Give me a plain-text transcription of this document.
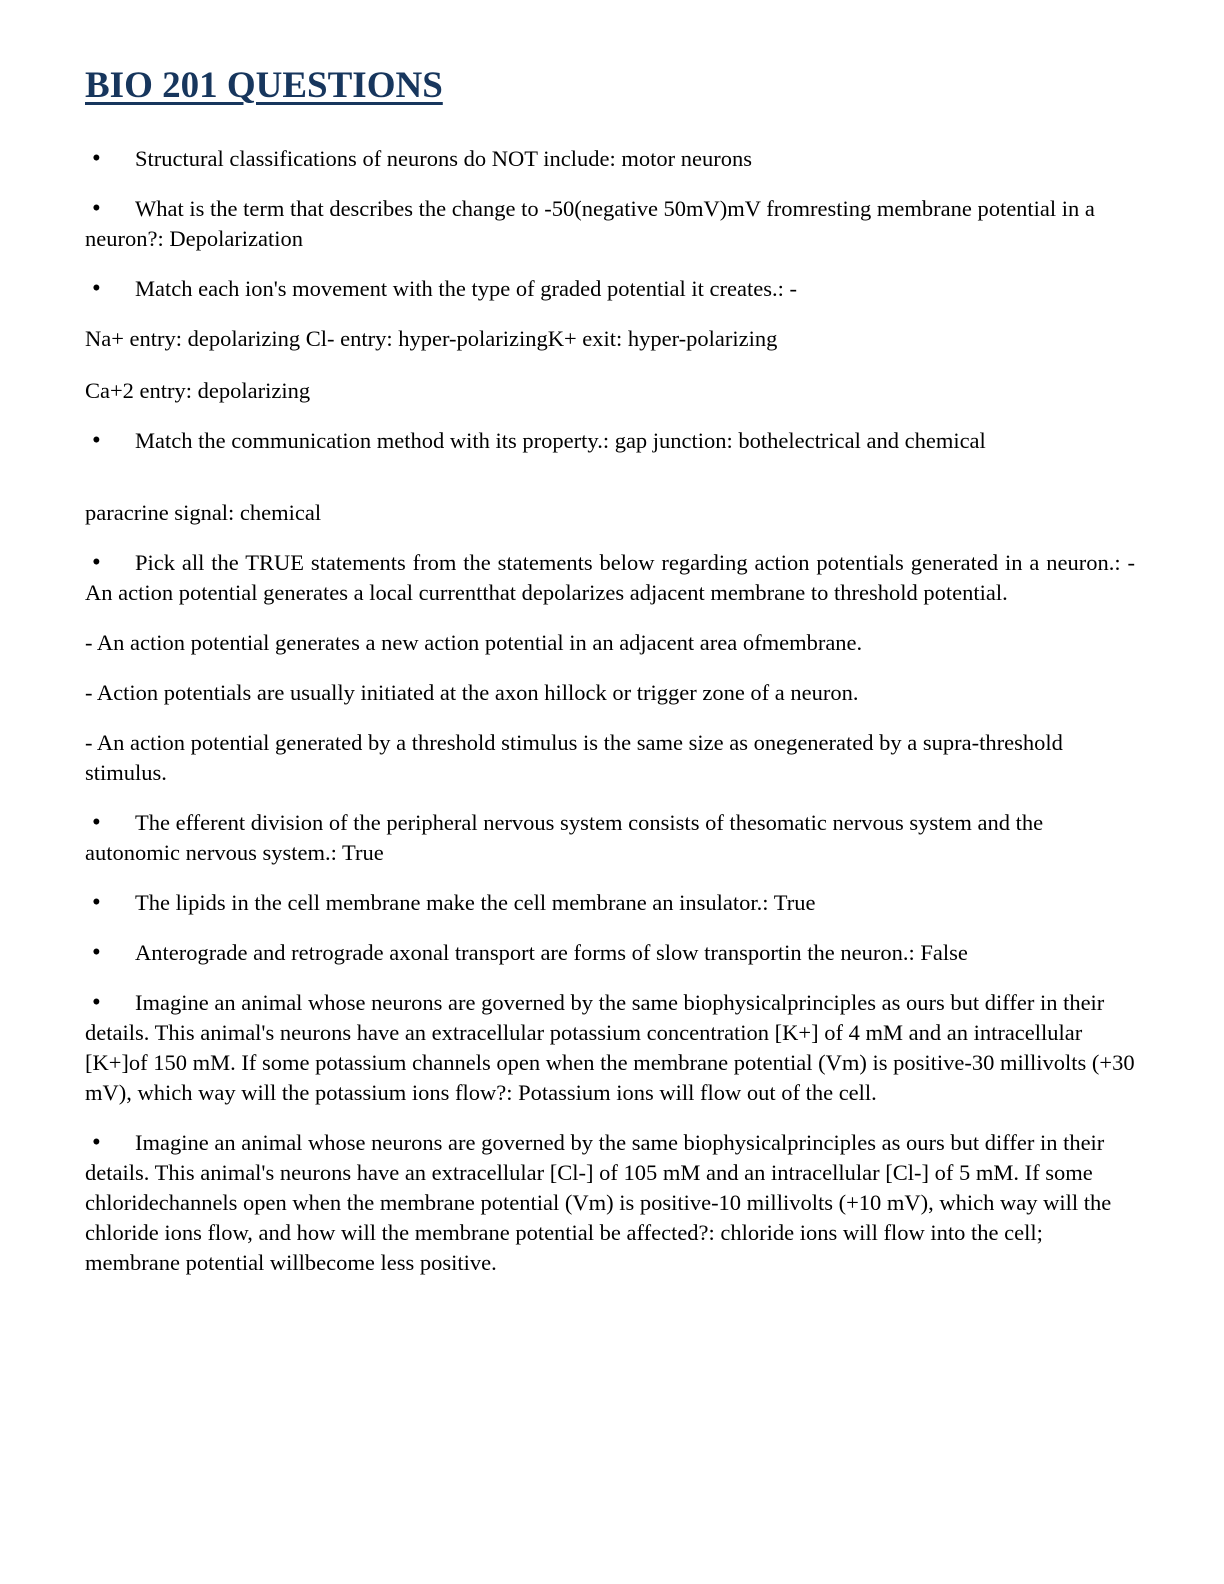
BIO 201 QUESTIONS

• Structural classifications of neurons do NOT include: motor neurons

• What is the term that describes the change to -50(negative 50mV)mV fromresting membrane potential in a neuron?: Depolarization

• Match each ion's movement with the type of graded potential it creates.: -

Na+ entry: depolarizing Cl- entry: hyper-polarizingK+ exit: hyper-polarizing

Ca+2 entry: depolarizing

• Match the communication method with its property.: gap junction: bothelectrical and chemical

paracrine signal: chemical

• Pick all the TRUE statements from the statements below regarding action potentials generated in a neuron.: - An action potential generates a local currentthat depolarizes adjacent membrane to threshold potential.

- An action potential generates a new action potential in an adjacent area ofmembrane.

- Action potentials are usually initiated at the axon hillock or trigger zone of a neuron.

- An action potential generated by a threshold stimulus is the same size as onegenerated by a supra-threshold stimulus.

• The efferent division of the peripheral nervous system consists of thesomatic nervous system and the autonomic nervous system.: True

• The lipids in the cell membrane make the cell membrane an insulator.: True

• Anterograde and retrograde axonal transport are forms of slow transportin the neuron.: False

• Imagine an animal whose neurons are governed by the same biophysicalprinciples as ours but differ in their details. This animal's neurons have an extracellular potassium concentration [K+] of 4 mM and an intracellular [K+]of 150 mM. If some potassium channels open when the membrane potential (Vm) is positive-30 millivolts (+30 mV), which way will the potassium ions flow?: Potassium ions will flow out of the cell.

• Imagine an animal whose neurons are governed by the same biophysicalprinciples as ours but differ in their details. This animal's neurons have an extracellular [Cl-] of 105 mM and an intracellular [Cl-] of 5 mM. If some chloridechannels open when the membrane potential (Vm) is positive-10 millivolts (+10 mV), which way will the chloride ions flow, and how will the membrane potential be affected?: chloride ions will flow into the cell; membrane potential willbecome less positive.
